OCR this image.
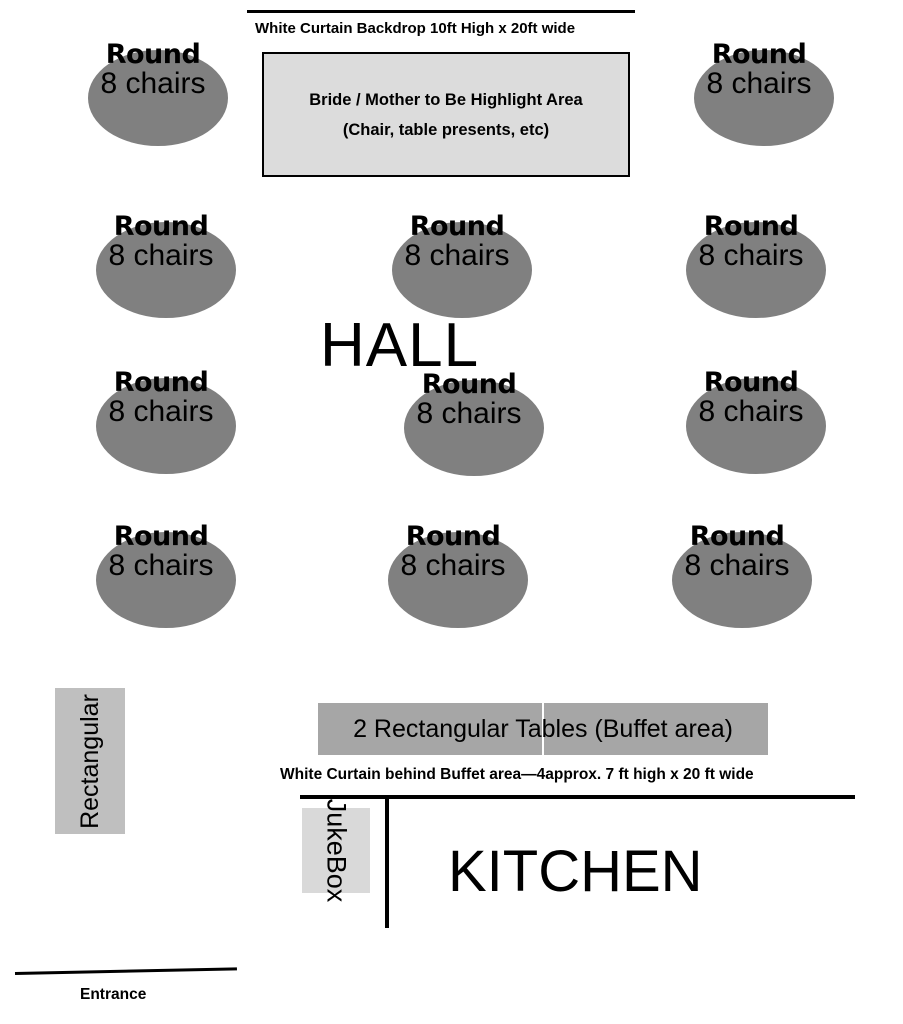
White Curtain Backdrop 10ft High x 20ft wide
Bride / Mother to Be Highlight Area
(Chair, table presents, etc)
Round
8 chairs
Round
8 chairs
Round
8 chairs
Round
8 chairs
Round
8 chairs
Round
8 chairs
Round
8 chairs
Round
8 chairs
Round
8 chairs
Round
8 chairs
Round
8 chairs
HALL
Rectangular	2 Rectangular Tables (Buffet area)
White Curtain behind Buffet area—4approx. 7 ft high x 20 ft wide
JukeBox KITCHEN
Entrance
